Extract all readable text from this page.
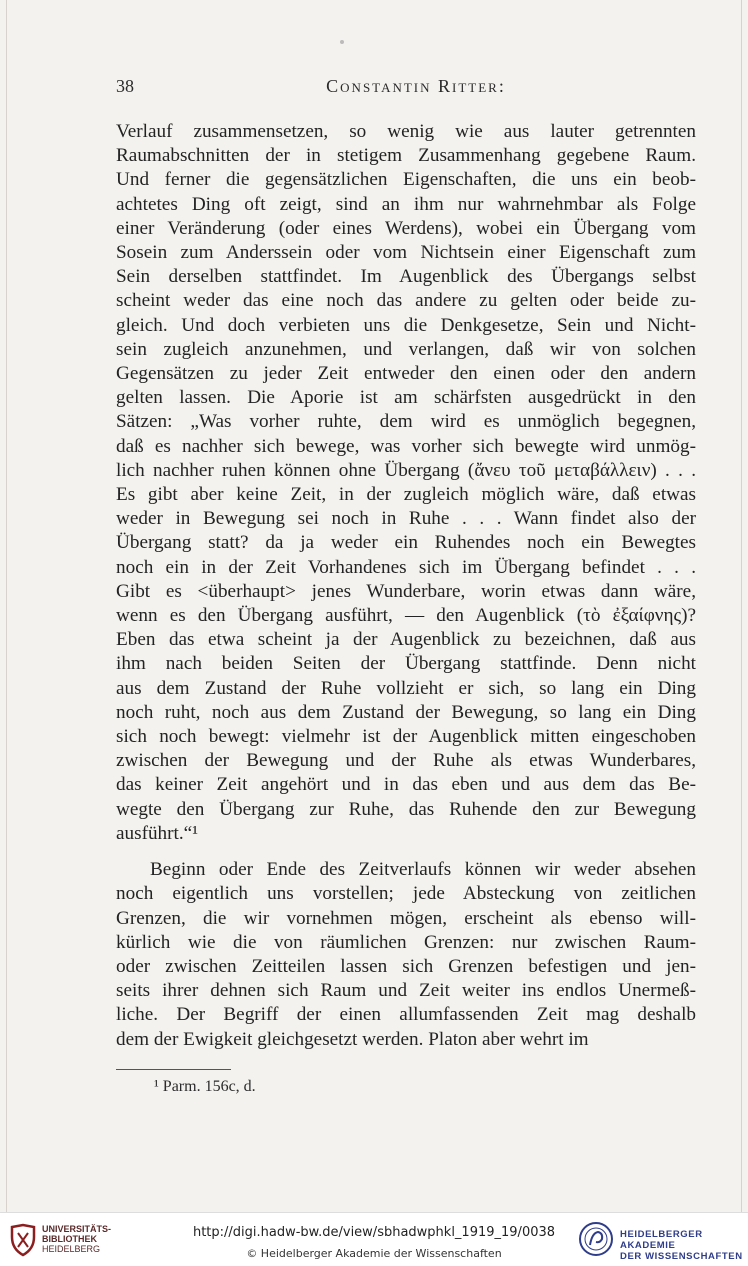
38	Constantin Ritter:

Verlauf zusammensetzen, so wenig wie aus lauter getrennten
Raumabschnitten der in stetigem Zusammenhang gegebene Raum.
Und ferner die gegensätzlichen Eigenschaften, die uns ein beob-
achtetes Ding oft zeigt, sind an ihm nur wahrnehmbar als Folge
einer Veränderung (oder eines Werdens), wobei ein Übergang vom
Sosein zum Anderssein oder vom Nichtsein einer Eigenschaft zum
Sein derselben stattfindet. Im Augenblick des Übergangs selbst
scheint weder das eine noch das andere zu gelten oder beide zu-
gleich. Und doch verbieten uns die Denkgesetze, Sein und Nicht-
sein zugleich anzunehmen, und verlangen, daß wir von solchen
Gegensätzen zu jeder Zeit entweder den einen oder den andern
gelten lassen. Die Aporie ist am schärfsten ausgedrückt in den
Sätzen: „Was vorher ruhte, dem wird es unmöglich begegnen,
daß es nachher sich bewege, was vorher sich bewegte wird unmög-
lich nachher ruhen können ohne Übergang (ἄνευ τοῦ μεταβάλλειν) . . .
Es gibt aber keine Zeit, in der zugleich möglich wäre, daß etwas
weder in Bewegung sei noch in Ruhe . . . Wann findet also der
Übergang statt? da ja weder ein Ruhendes noch ein Bewegtes
noch ein in der Zeit Vorhandenes sich im Übergang befindet . . .
Gibt es <überhaupt> jenes Wunderbare, worin etwas dann wäre,
wenn es den Übergang ausführt, — den Augenblick (τὸ ἐξαίφνης)?
Eben das etwa scheint ja der Augenblick zu bezeichnen, daß aus
ihm nach beiden Seiten der Übergang stattfinde. Denn nicht
aus dem Zustand der Ruhe vollzieht er sich, so lang ein Ding
noch ruht, noch aus dem Zustand der Bewegung, so lang ein Ding
sich noch bewegt: vielmehr ist der Augenblick mitten eingeschoben
zwischen der Bewegung und der Ruhe als etwas Wunderbares,
das keiner Zeit angehört und in das eben und aus dem das Be-
wegte den Übergang zur Ruhe, das Ruhende den zur Bewegung
ausführt.“¹

Beginn oder Ende des Zeitverlaufs können wir weder absehen
noch eigentlich uns vorstellen; jede Absteckung von zeitlichen
Grenzen, die wir vornehmen mögen, erscheint als ebenso will-
kürlich wie die von räumlichen Grenzen: nur zwischen Raum-
oder zwischen Zeitteilen lassen sich Grenzen befestigen und jen-
seits ihrer dehnen sich Raum und Zeit weiter ins endlos Unermeß-
liche. Der Begriff der einen allumfassenden Zeit mag deshalb
dem der Ewigkeit gleichgesetzt werden. Platon aber wehrt im

¹ Parm. 156c, d.
UNIVERSITÄTS-
BIBLIOTHEK
HEIDELBERG
http://digi.hadw-bw.de/view/sbhadwphkl_1919_19/0038
© Heidelberger Akademie der Wissenschaften
HEIDELBERGER AKADEMIE
DER WISSENSCHAFTEN
